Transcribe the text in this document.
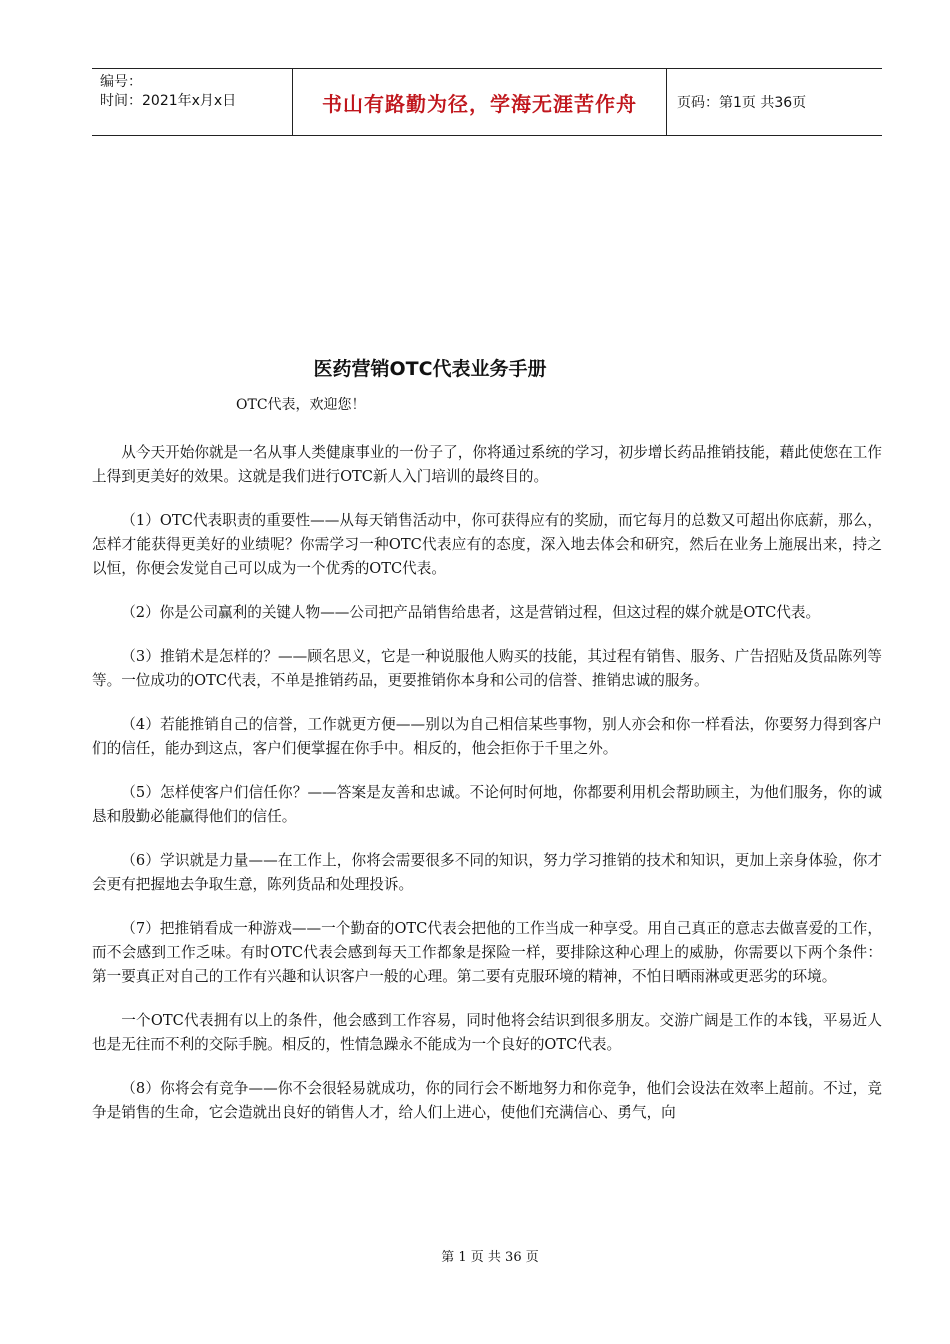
编号：
时间：2021年x月x日	书山有路勤为径，学海无涯苦作舟	页码：第1页 共36页
医药营销OTC代表业务手册
OTC代表，欢迎您！

从今天开始你就是一名从事人类健康事业的一份子了，你将通过系统的学习，初步增长药品推销技能，藉此使您在工作上得到更美好的效果。这就是我们进行OTC新人入门培训的最终目的。

（1）OTC代表职责的重要性——从每天销售活动中，你可获得应有的奖励，而它每月的总数又可超出你底薪，那么，怎样才能获得更美好的业绩呢？你需学习一种OTC代表应有的态度，深入地去体会和研究，然后在业务上施展出来，持之以恒，你便会发觉自己可以成为一个优秀的OTC代表。

（2）你是公司赢利的关键人物——公司把产品销售给患者，这是营销过程，但这过程的媒介就是OTC代表。

（3）推销术是怎样的？——顾名思义，它是一种说服他人购买的技能，其过程有销售、服务、广告招贴及货品陈列等等。一位成功的OTC代表，不单是推销药品，更要推销你本身和公司的信誉、推销忠诚的服务。

（4）若能推销自己的信誉，工作就更方便——别以为自己相信某些事物，别人亦会和你一样看法，你要努力得到客户们的信任，能办到这点，客户们便掌握在你手中。相反的，他会拒你于千里之外。

（5）怎样使客户们信任你？——答案是友善和忠诚。不论何时何地，你都要利用机会帮助顾主，为他们服务，你的诚恳和殷勤必能赢得他们的信任。

（6）学识就是力量——在工作上，你将会需要很多不同的知识，努力学习推销的技术和知识，更加上亲身体验，你才会更有把握地去争取生意，陈列货品和处理投诉。

（7）把推销看成一种游戏——一个勤奋的OTC代表会把他的工作当成一种享受。用自己真正的意志去做喜爱的工作，而不会感到工作乏味。有时OTC代表会感到每天工作都象是探险一样，要排除这种心理上的威胁，你需要以下两个条件：第一要真正对自己的工作有兴趣和认识客户一般的心理。第二要有克服环境的精神，不怕日晒雨淋或更恶劣的环境。

一个OTC代表拥有以上的条件，他会感到工作容易，同时他将会结识到很多朋友。交游广阔是工作的本钱，平易近人也是无往而不利的交际手腕。相反的，性情急躁永不能成为一个良好的OTC代表。

（8）你将会有竞争——你不会很轻易就成功，你的同行会不断地努力和你竞争，他们会设法在效率上超前。不过，竞争是销售的生命，它会造就出良好的销售人才，给人们上进心，使他们充满信心、勇气，向

第 1 页 共 36 页
